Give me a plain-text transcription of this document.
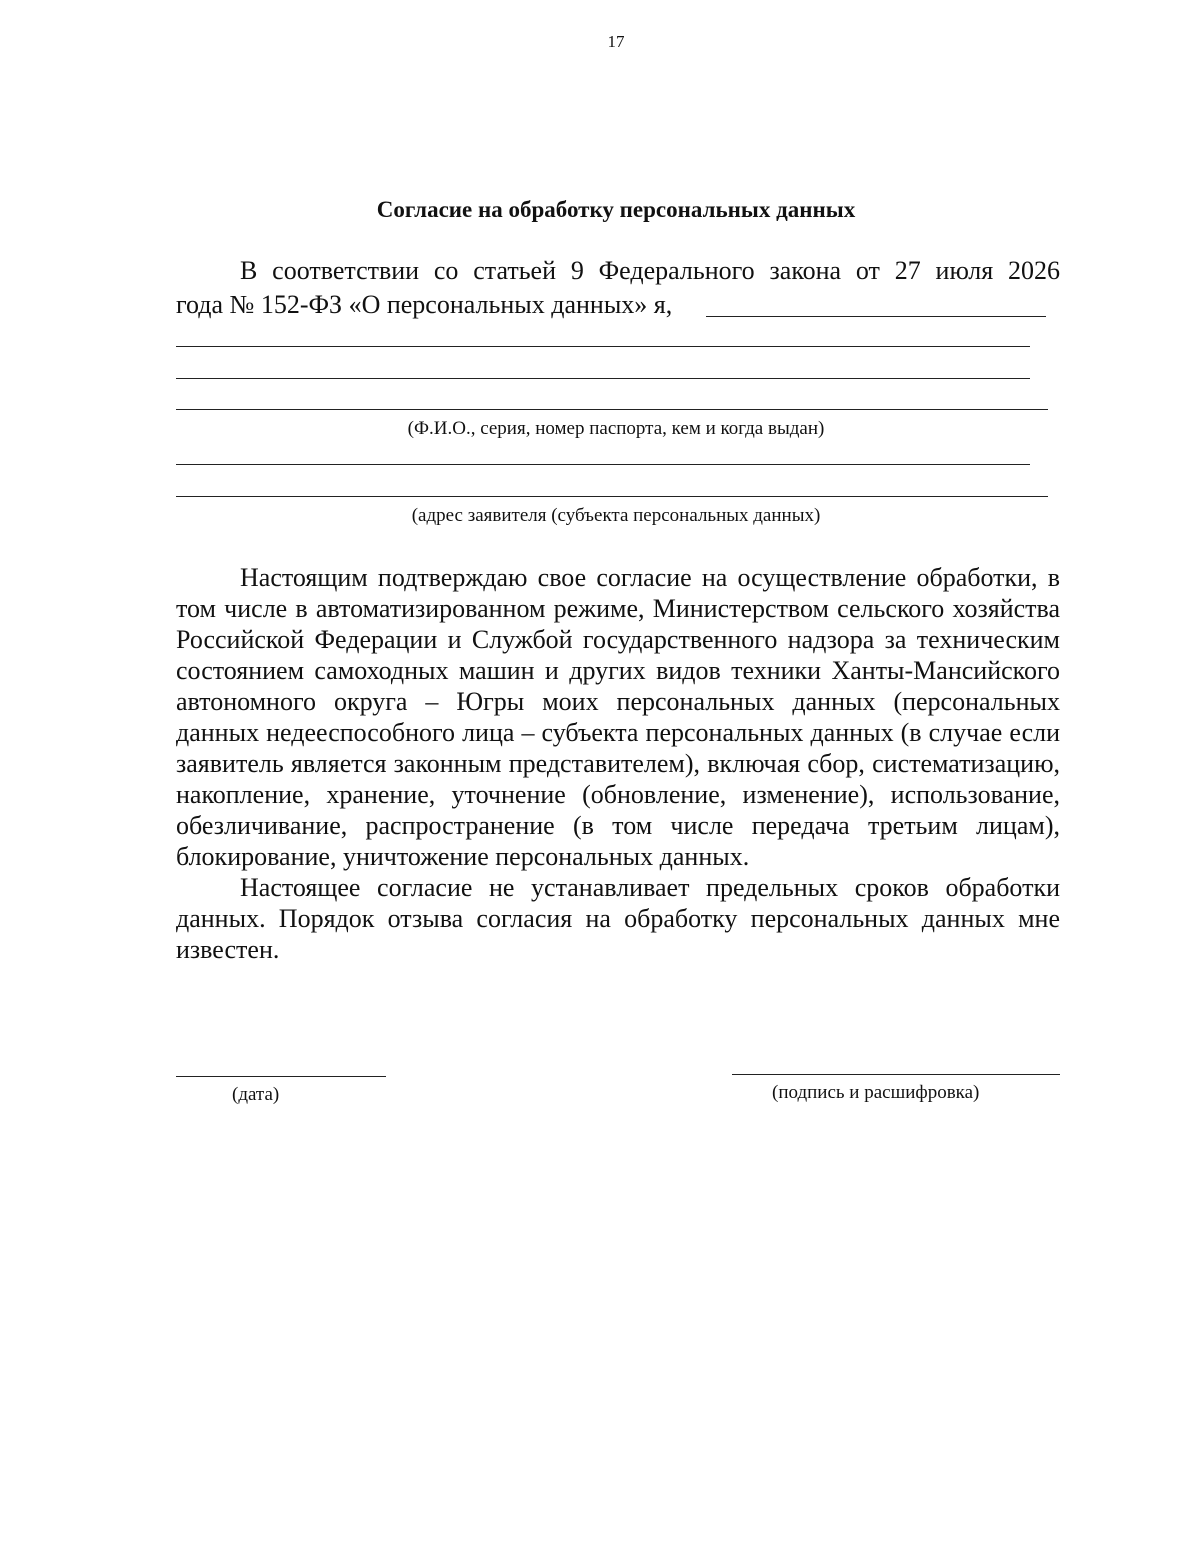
17
Согласие на обработку персональных данных
В соответствии со статьей 9 Федерального закона от 27 июля 2026
года № 152-ФЗ «О персональных данных» я,
(Ф.И.О., серия, номер паспорта, кем и когда выдан)
(адрес заявителя (субъекта персональных данных)

Настоящим подтверждаю свое согласие на осуществление обработки, в том числе в автоматизированном режиме, Министерством сельского хозяйства Российской Федерации и Службой государственного надзора за техническим состоянием самоходных машин и других видов техники Ханты-Мансийского автономного округа – Югры моих персональных данных (персональных данных недееспособного лица – субъекта персональных данных (в случае если заявитель является законным представителем), включая сбор, систематизацию, накопление, хранение, уточнение (обновление, изменение), использование, обезличивание, распространение (в том числе передача третьим лицам), блокирование, уничтожение персональных данных.

Настоящее согласие не устанавливает предельных сроков обработки данных. Порядок отзыва согласия на обработку персональных данных мне известен.

(дата)	(подпись и расшифровка)
